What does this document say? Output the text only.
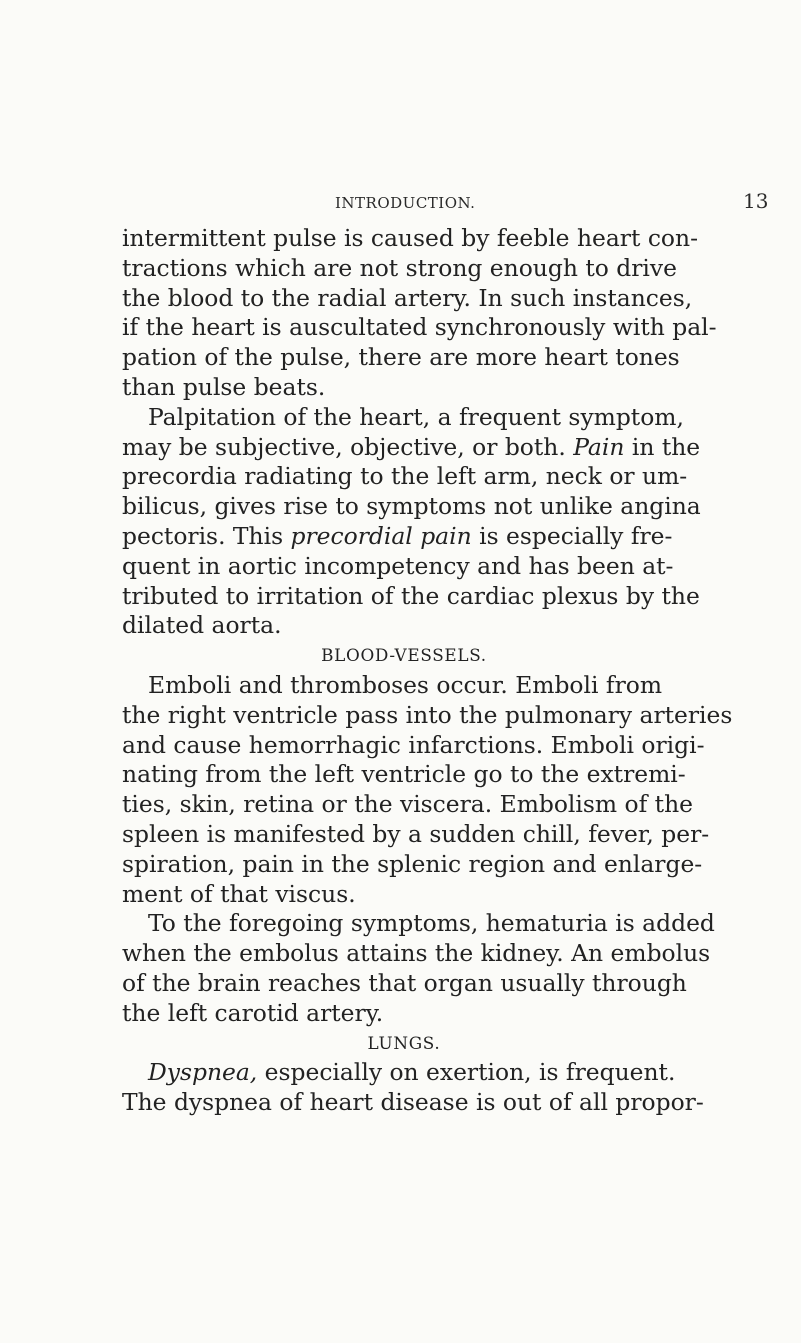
INTRODUCTION.	13
intermittent pulse is caused by feeble heart con-
tractions which are not strong enough to drive
the blood to the radial artery. In such instances,
if the heart is auscultated synchronously with pal-
pation of the pulse, there are more heart tones
than pulse beats.
Palpitation of the heart, a frequent symptom,
may be subjective, objective, or both. Pain in the
precordia radiating to the left arm, neck or um-
bilicus, gives rise to symptoms not unlike angina
pectoris. This precordial pain is especially fre-
quent in aortic incompetency and has been at-
tributed to irritation of the cardiac plexus by the
dilated aorta.
BLOOD-VESSELS.
Emboli and thromboses occur. Emboli from
the right ventricle pass into the pulmonary arteries
and cause hemorrhagic infarctions. Emboli origi-
nating from the left ventricle go to the extremi-
ties, skin, retina or the viscera. Embolism of the
spleen is manifested by a sudden chill, fever, per-
spiration, pain in the splenic region and enlarge-
ment of that viscus.
To the foregoing symptoms, hematuria is added
when the embolus attains the kidney. An embolus
of the brain reaches that organ usually through
the left carotid artery.
LUNGS.
Dyspnea, especially on exertion, is frequent.
The dyspnea of heart disease is out of all propor-
